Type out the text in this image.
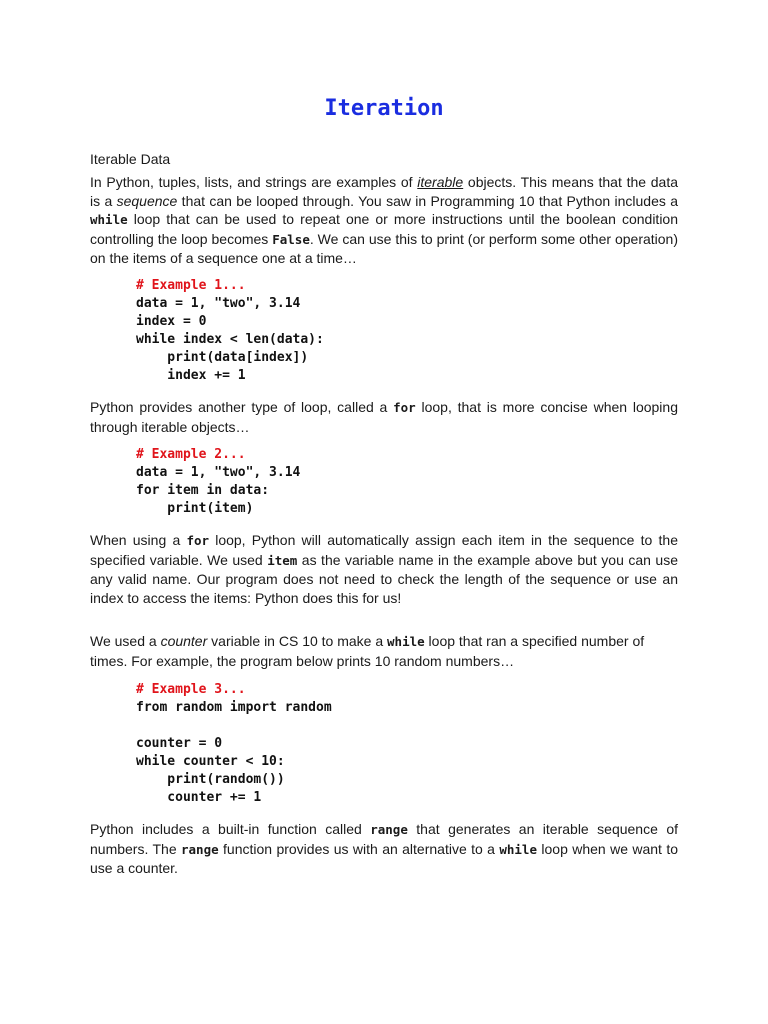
Iteration
Iterable Data

In Python, tuples, lists, and strings are examples of iterable objects. This means that the data is a sequence that can be looped through. You saw in Programming 10 that Python includes a while loop that can be used to repeat one or more instructions until the boolean condition controlling the loop becomes False. We can use this to print (or perform some other operation) on the items of a sequence one at a time…

# Example 1...
data = 1, "two", 3.14
index = 0
while index < len(data):
print(data[index])
index += 1

Python provides another type of loop, called a for loop, that is more concise when looping through iterable objects…

# Example 2...
data = 1, "two", 3.14
for item in data:
print(item)

When using a for loop, Python will automatically assign each item in the sequence to the specified variable. We used item as the variable name in the example above but you can use any valid name. Our program does not need to check the length of the sequence or use an index to access the items: Python does this for us!

We used a counter variable in CS 10 to make a while loop that ran a specified number of times. For example, the program below prints 10 random numbers…

# Example 3...
from random import random

counter = 0
while counter < 10:
print(random())
counter += 1

Python includes a built-in function called range that generates an iterable sequence of numbers. The range function provides us with an alternative to a while loop when we want to use a counter.
